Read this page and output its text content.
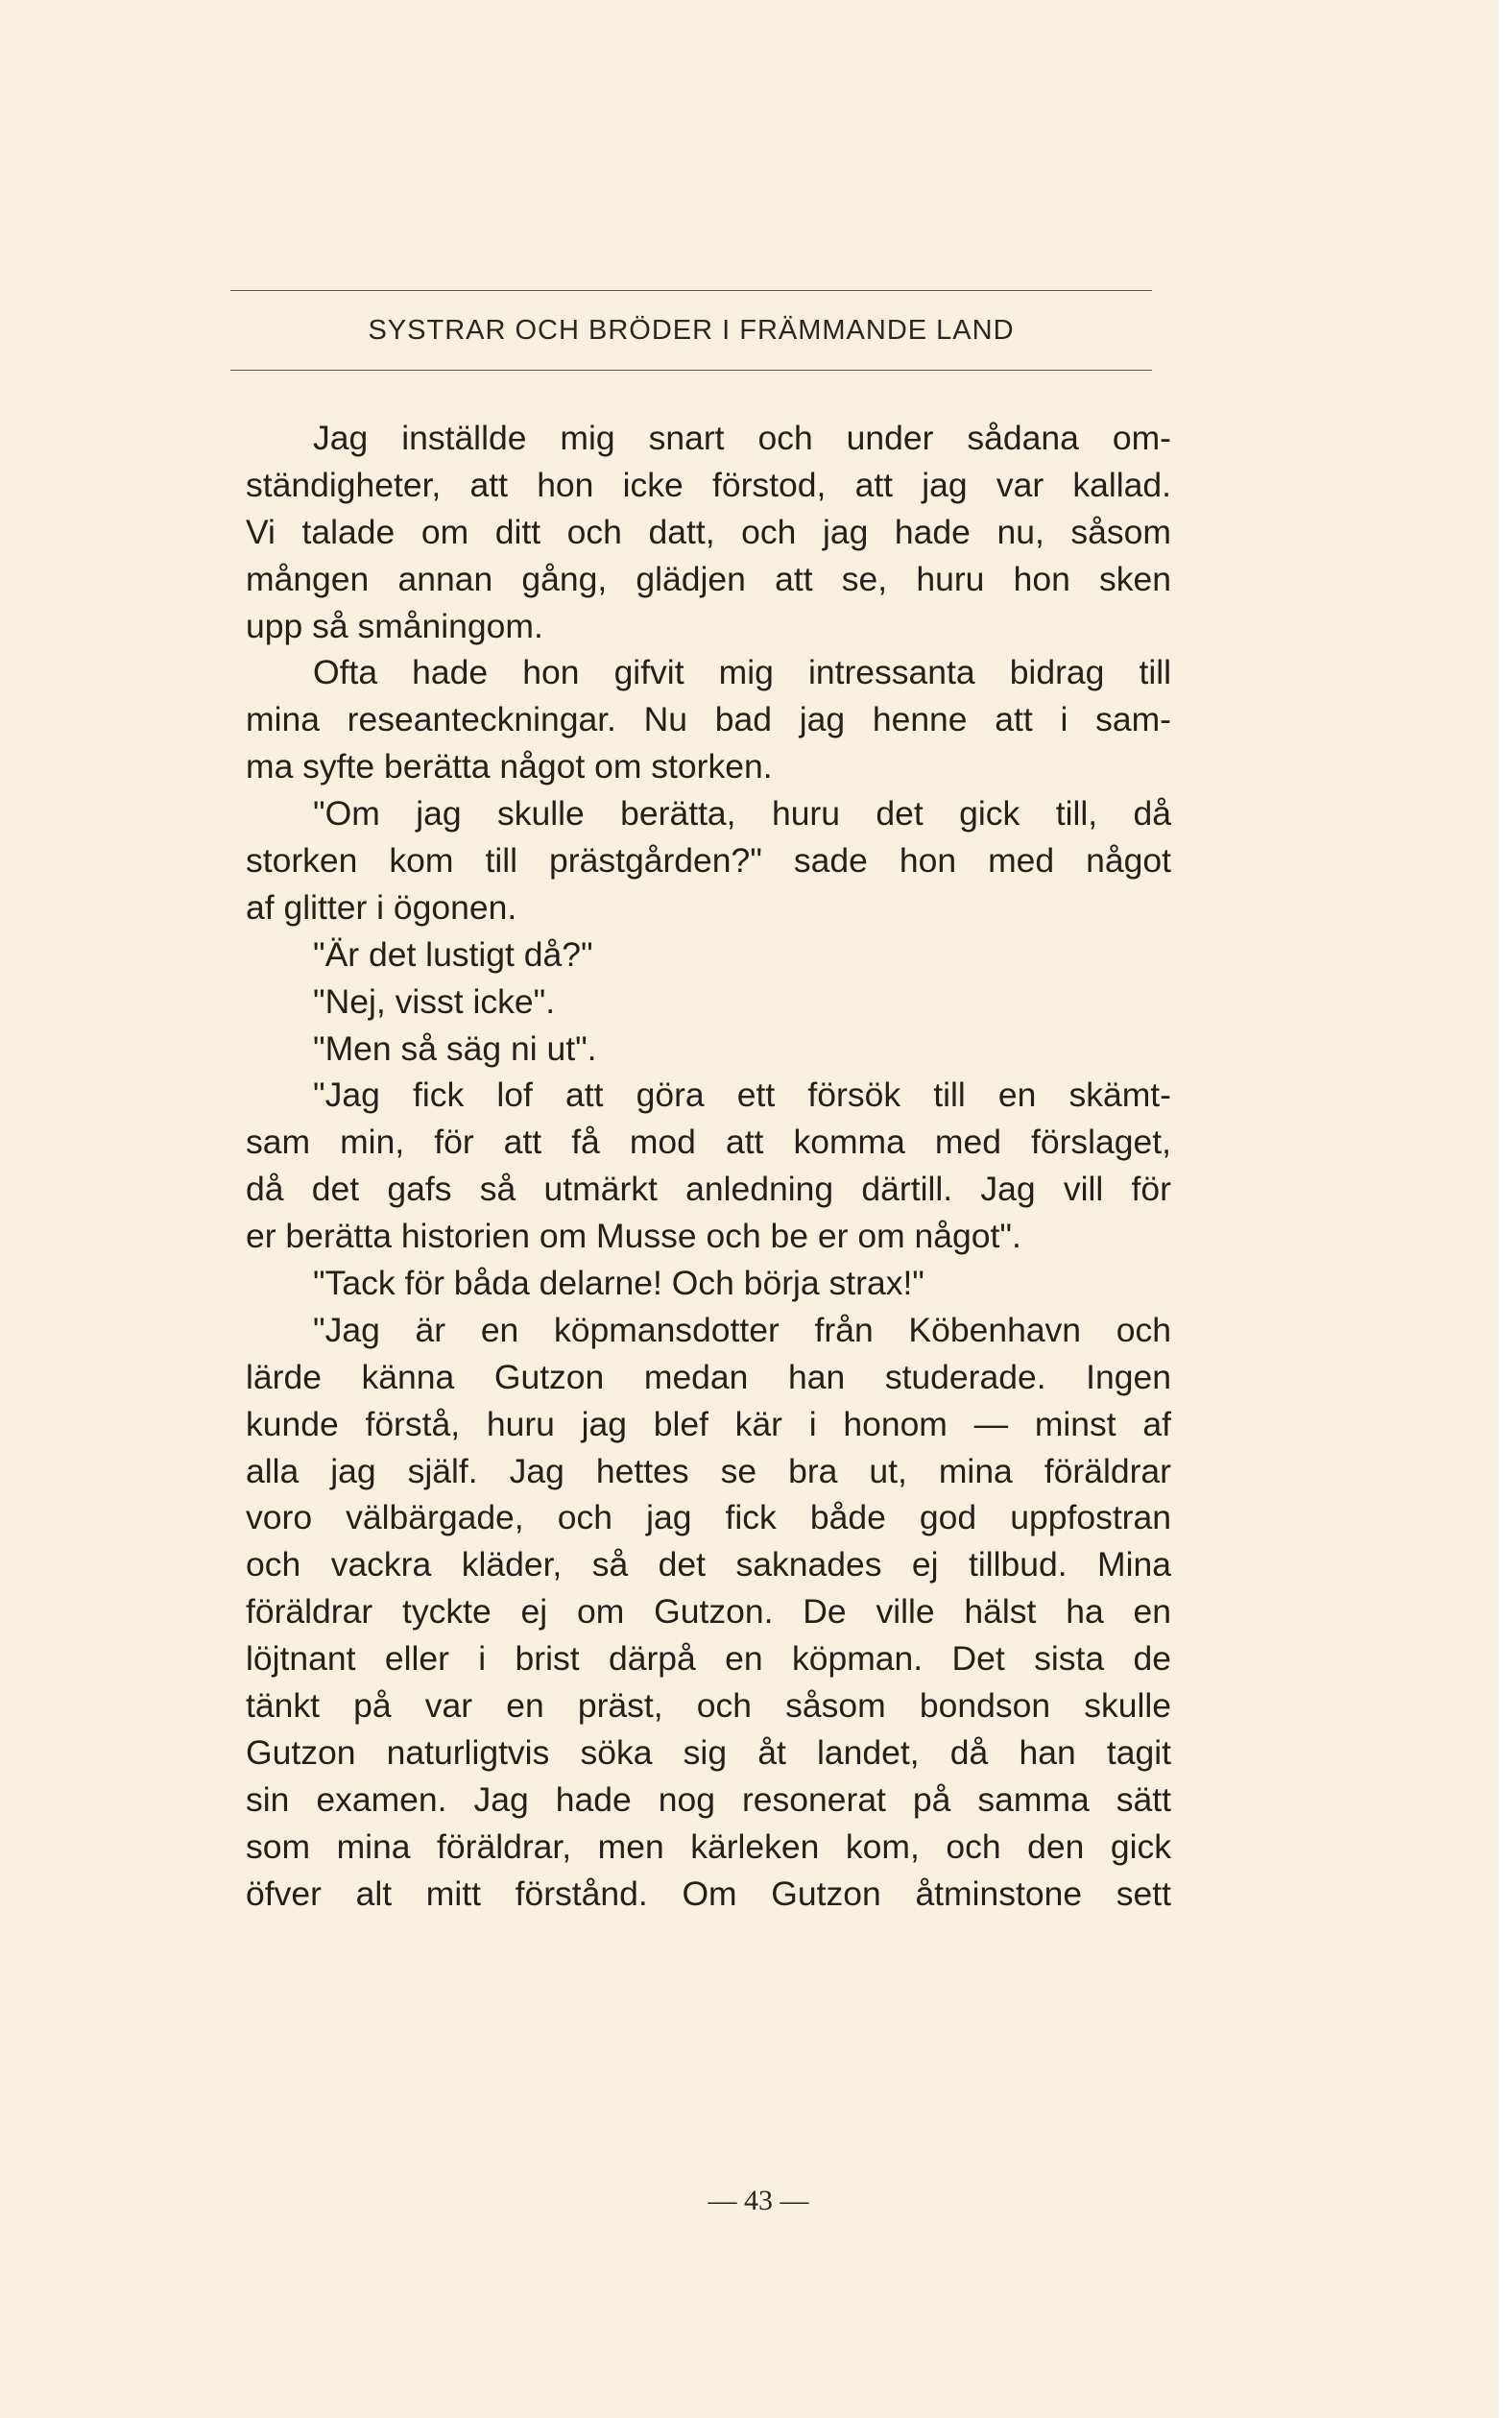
SYSTRAR OCH BRÖDER I FRÄMMANDE LAND
Jag inställde mig snart och under sådana om-
ständigheter, att hon icke förstod, att jag var kallad.
Vi talade om ditt och datt, och jag hade nu, såsom
mången annan gång, glädjen att se, huru hon sken
upp så småningom.
Ofta hade hon gifvit mig intressanta bidrag till
mina reseanteckningar. Nu bad jag henne att i sam-
ma syfte berätta något om storken.
"Om jag skulle berätta, huru det gick till, då
storken kom till prästgården?" sade hon med något
af glitter i ögonen.
"Är det lustigt då?"
"Nej, visst icke".
"Men så säg ni ut".
"Jag fick lof att göra ett försök till en skämt-
sam min, för att få mod att komma med förslaget,
då det gafs så utmärkt anledning därtill. Jag vill för
er berätta historien om Musse och be er om något".
"Tack för båda delarne! Och börja strax!"
"Jag är en köpmansdotter från Köbenhavn och
lärde känna Gutzon medan han studerade. Ingen
kunde förstå, huru jag blef kär i honom — minst af
alla jag själf. Jag hettes se bra ut, mina föräldrar
voro välbärgade, och jag fick både god uppfostran
och vackra kläder, så det saknades ej tillbud. Mina
föräldrar tyckte ej om Gutzon. De ville hälst ha en
löjtnant eller i brist därpå en köpman. Det sista de
tänkt på var en präst, och såsom bondson skulle
Gutzon naturligtvis söka sig åt landet, då han tagit
sin examen. Jag hade nog resonerat på samma sätt
som mina föräldrar, men kärleken kom, och den gick
öfver alt mitt förstånd. Om Gutzon åtminstone sett
— 43 —
